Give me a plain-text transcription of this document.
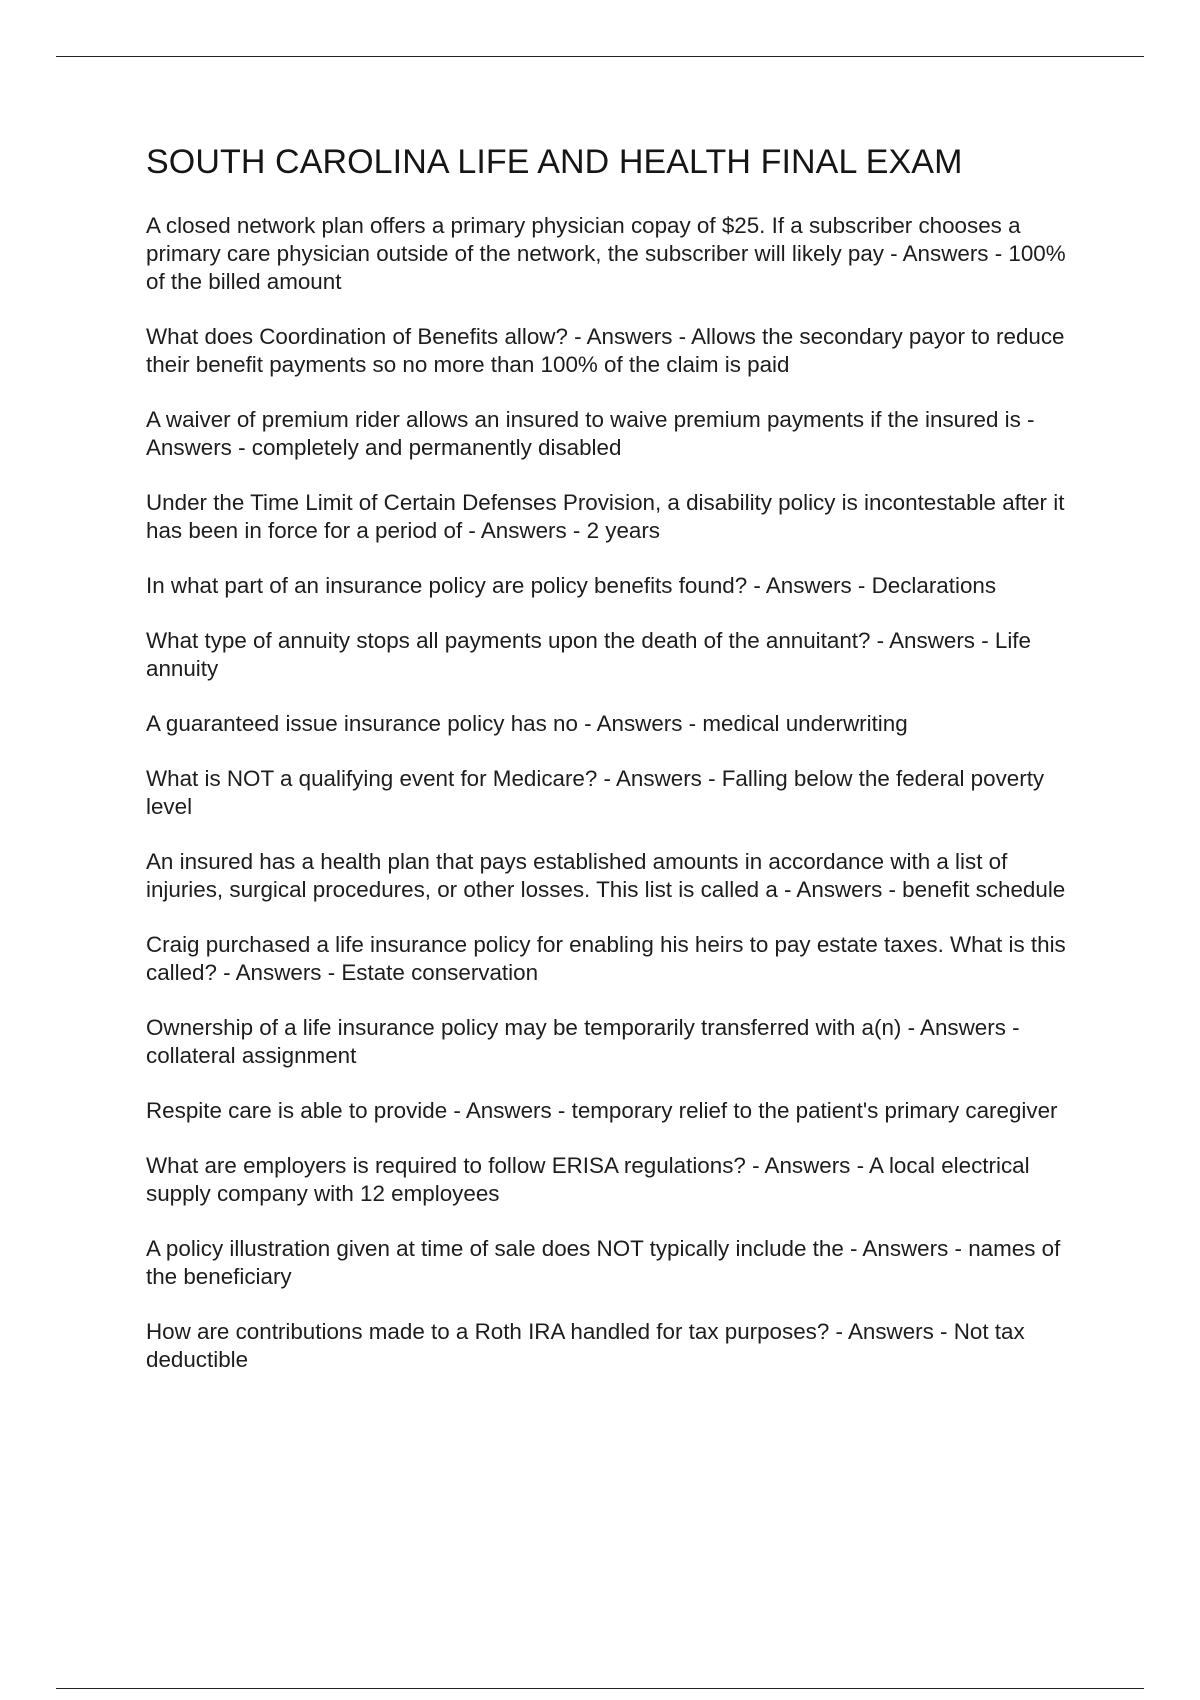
SOUTH CAROLINA LIFE AND HEALTH FINAL EXAM
A closed network plan offers a primary physician copay of $25. If a subscriber chooses a primary care physician outside of the network, the subscriber will likely pay - Answers - 100% of the billed amount
What does Coordination of Benefits allow? - Answers - Allows the secondary payor to reduce their benefit payments so no more than 100% of the claim is paid
A waiver of premium rider allows an insured to waive premium payments if the insured is - Answers - completely and permanently disabled
Under the Time Limit of Certain Defenses Provision, a disability policy is incontestable after it has been in force for a period of - Answers - 2 years
In what part of an insurance policy are policy benefits found? - Answers - Declarations
What type of annuity stops all payments upon the death of the annuitant? - Answers - Life annuity
A guaranteed issue insurance policy has no - Answers - medical underwriting
What is NOT a qualifying event for Medicare? - Answers - Falling below the federal poverty level
An insured has a health plan that pays established amounts in accordance with a list of injuries, surgical procedures, or other losses. This list is called a - Answers - benefit schedule
Craig purchased a life insurance policy for enabling his heirs to pay estate taxes. What is this called? - Answers - Estate conservation
Ownership of a life insurance policy may be temporarily transferred with a(n) - Answers - collateral assignment
Respite care is able to provide - Answers - temporary relief to the patient's primary caregiver
What are employers is required to follow ERISA regulations? - Answers - A local electrical supply company with 12 employees
A policy illustration given at time of sale does NOT typically include the - Answers - names of the beneficiary
How are contributions made to a Roth IRA handled for tax purposes? - Answers - Not tax deductible
